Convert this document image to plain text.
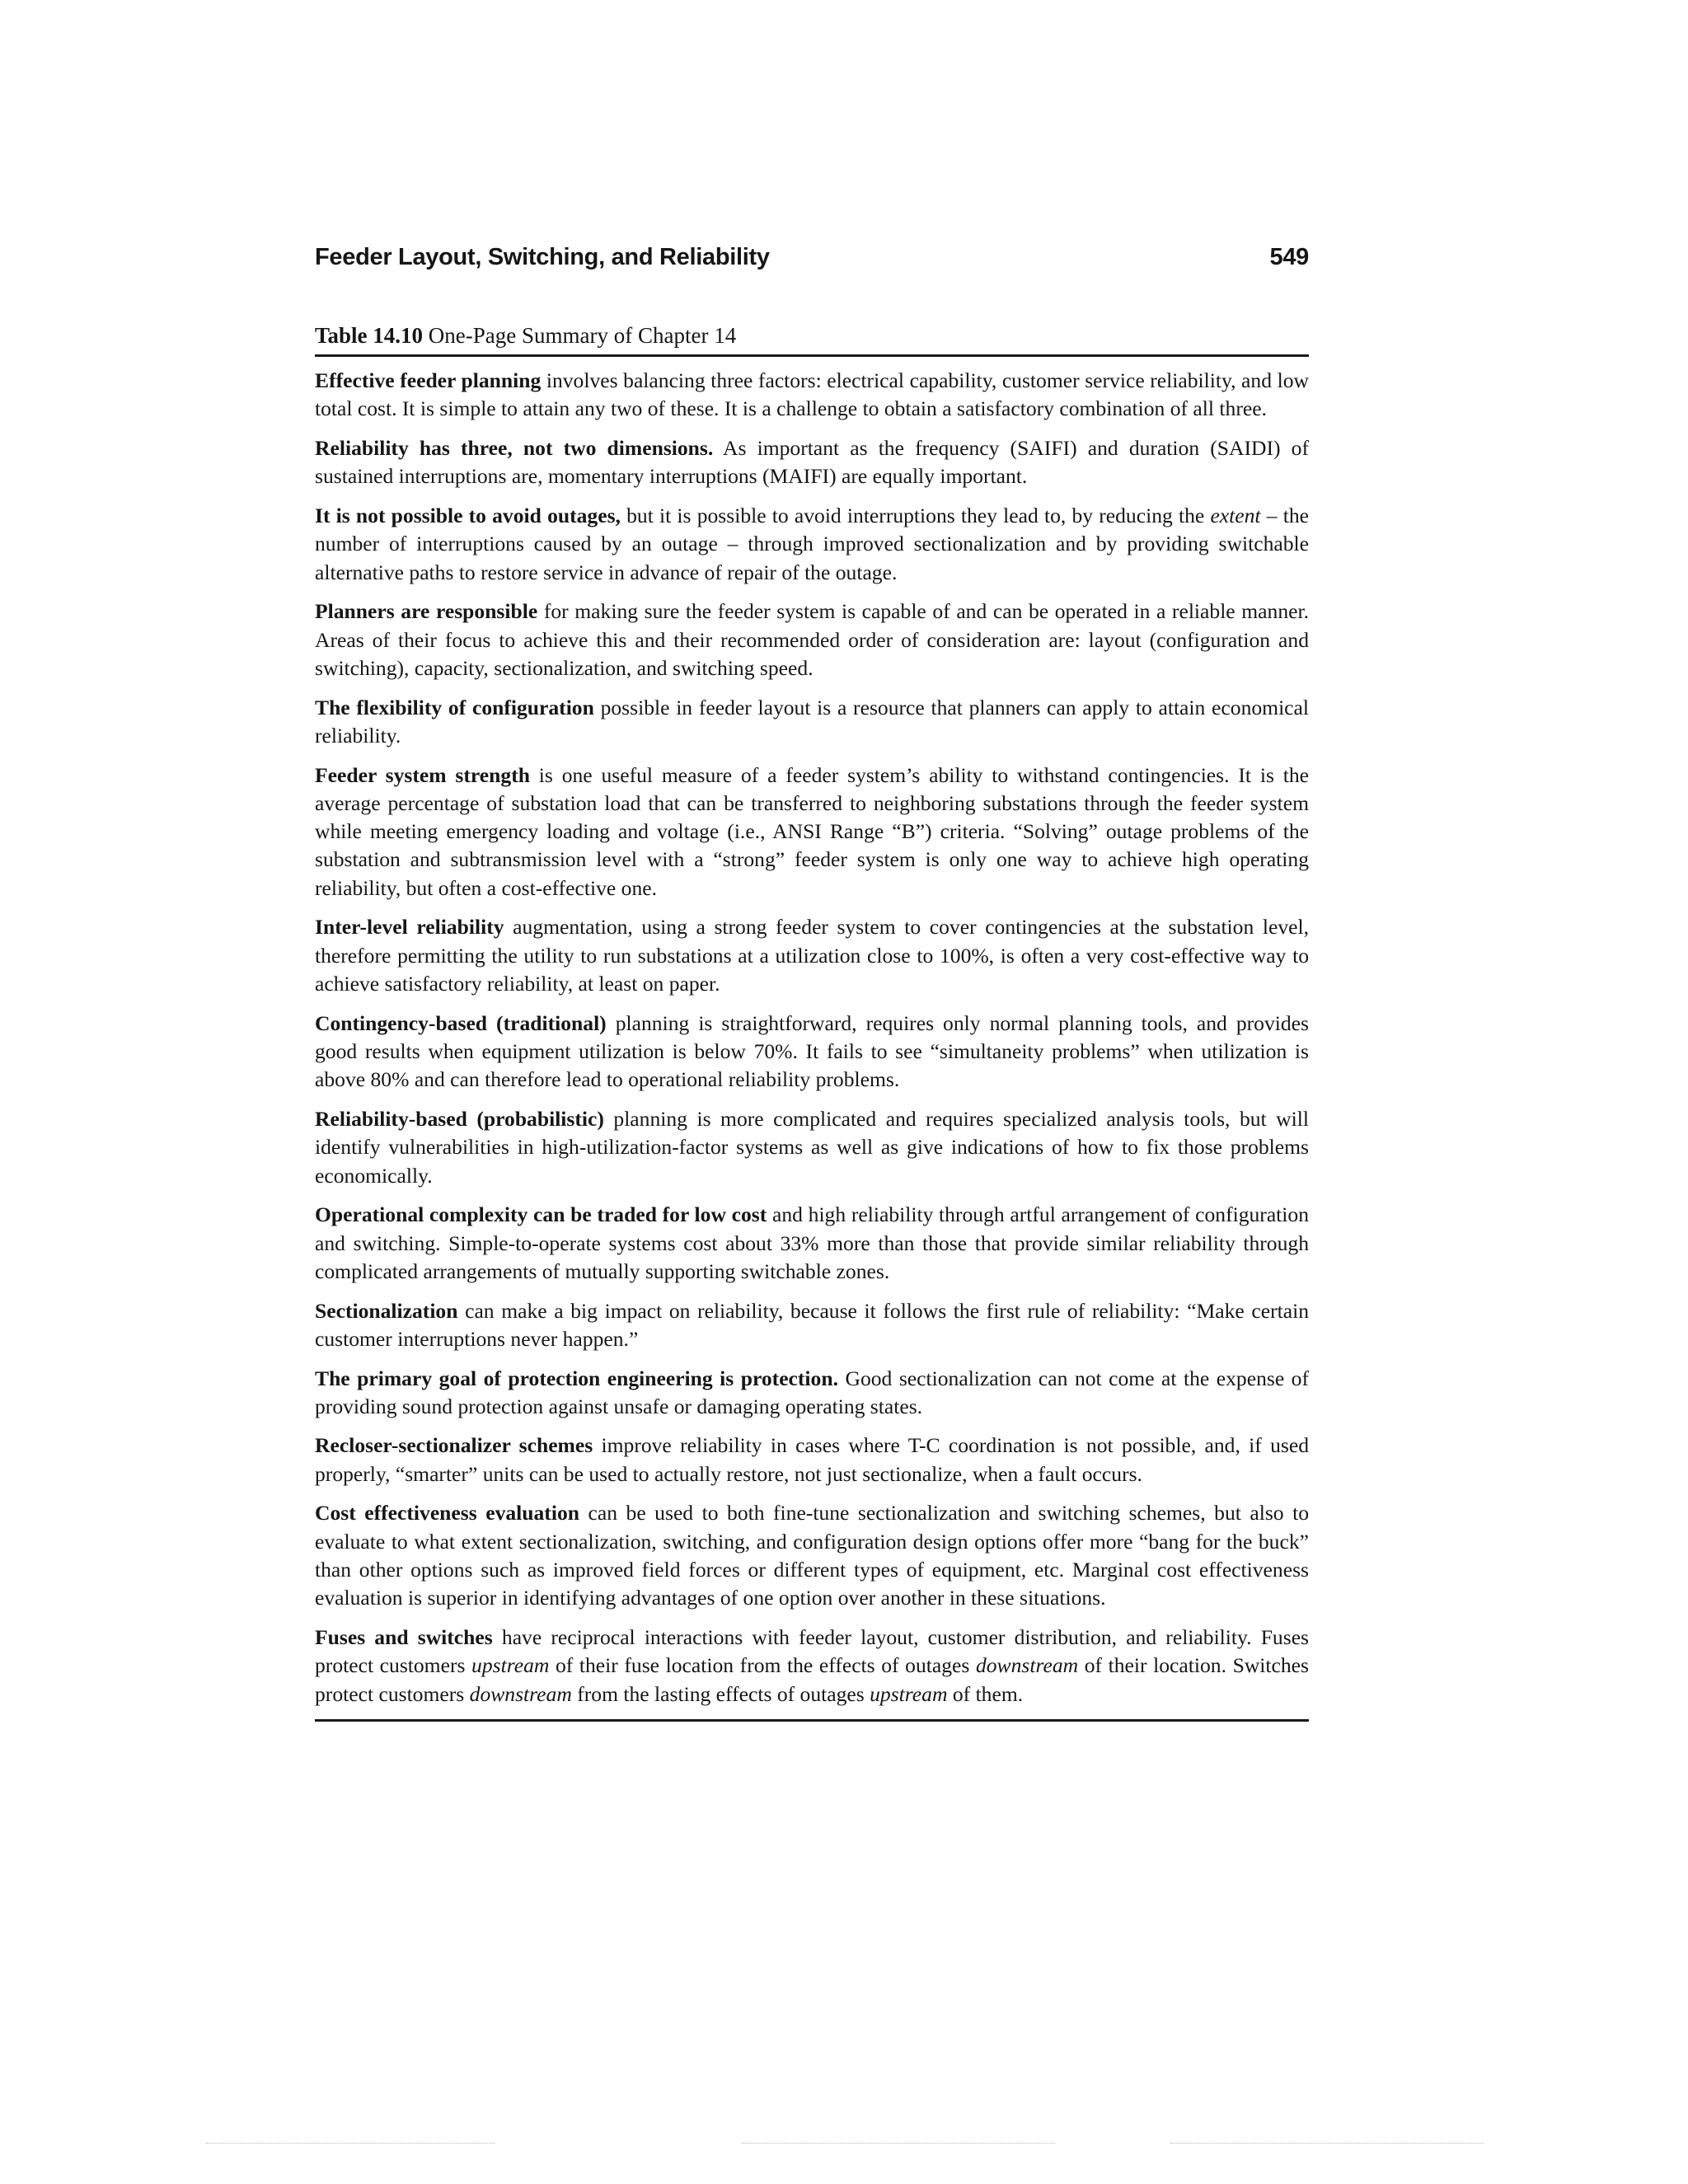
Feeder Layout, Switching, and Reliability	549
Table 14.10 One-Page Summary of Chapter 14

Effective feeder planning involves balancing three factors: electrical capability, customer service reliability, and low total cost. It is simple to attain any two of these. It is a challenge to obtain a satisfactory combination of all three.

Reliability has three, not two dimensions. As important as the frequency (SAIFI) and duration (SAIDI) of sustained interruptions are, momentary interruptions (MAIFI) are equally important.

It is not possible to avoid outages, but it is possible to avoid interruptions they lead to, by reducing the extent – the number of interruptions caused by an outage – through improved sectionalization and by providing switchable alternative paths to restore service in advance of repair of the outage.

Planners are responsible for making sure the feeder system is capable of and can be operated in a reliable manner. Areas of their focus to achieve this and their recommended order of consideration are: layout (configuration and switching), capacity, sectionalization, and switching speed.

The flexibility of configuration possible in feeder layout is a resource that planners can apply to attain economical reliability.

Feeder system strength is one useful measure of a feeder system’s ability to withstand contingencies. It is the average percentage of substation load that can be transferred to neighboring substations through the feeder system while meeting emergency loading and voltage (i.e., ANSI Range “B”) criteria. “Solving” outage problems of the substation and subtransmission level with a “strong” feeder system is only one way to achieve high operating reliability, but often a cost-effective one.

Inter-level reliability augmentation, using a strong feeder system to cover contingencies at the substation level, therefore permitting the utility to run substations at a utilization close to 100%, is often a very cost-effective way to achieve satisfactory reliability, at least on paper.

Contingency-based (traditional) planning is straightforward, requires only normal planning tools, and provides good results when equipment utilization is below 70%. It fails to see “simultaneity problems” when utilization is above 80% and can therefore lead to operational reliability problems.

Reliability-based (probabilistic) planning is more complicated and requires specialized analysis tools, but will identify vulnerabilities in high-utilization-factor systems as well as give indications of how to fix those problems economically.

Operational complexity can be traded for low cost and high reliability through artful arrangement of configuration and switching. Simple-to-operate systems cost about 33% more than those that provide similar reliability through complicated arrangements of mutually supporting switchable zones.

Sectionalization can make a big impact on reliability, because it follows the first rule of reliability: “Make certain customer interruptions never happen.”

The primary goal of protection engineering is protection. Good sectionalization can not come at the expense of providing sound protection against unsafe or damaging operating states.

Recloser-sectionalizer schemes improve reliability in cases where T-C coordination is not possible, and, if used properly, “smarter” units can be used to actually restore, not just sectionalize, when a fault occurs.

Cost effectiveness evaluation can be used to both fine-tune sectionalization and switching schemes, but also to evaluate to what extent sectionalization, switching, and configuration design options offer more “bang for the buck” than other options such as improved field forces or different types of equipment, etc. Marginal cost effectiveness evaluation is superior in identifying advantages of one option over another in these situations.

Fuses and switches have reciprocal interactions with feeder layout, customer distribution, and reliability. Fuses protect customers upstream of their fuse location from the effects of outages downstream of their location. Switches protect customers downstream from the lasting effects of outages upstream of them.
